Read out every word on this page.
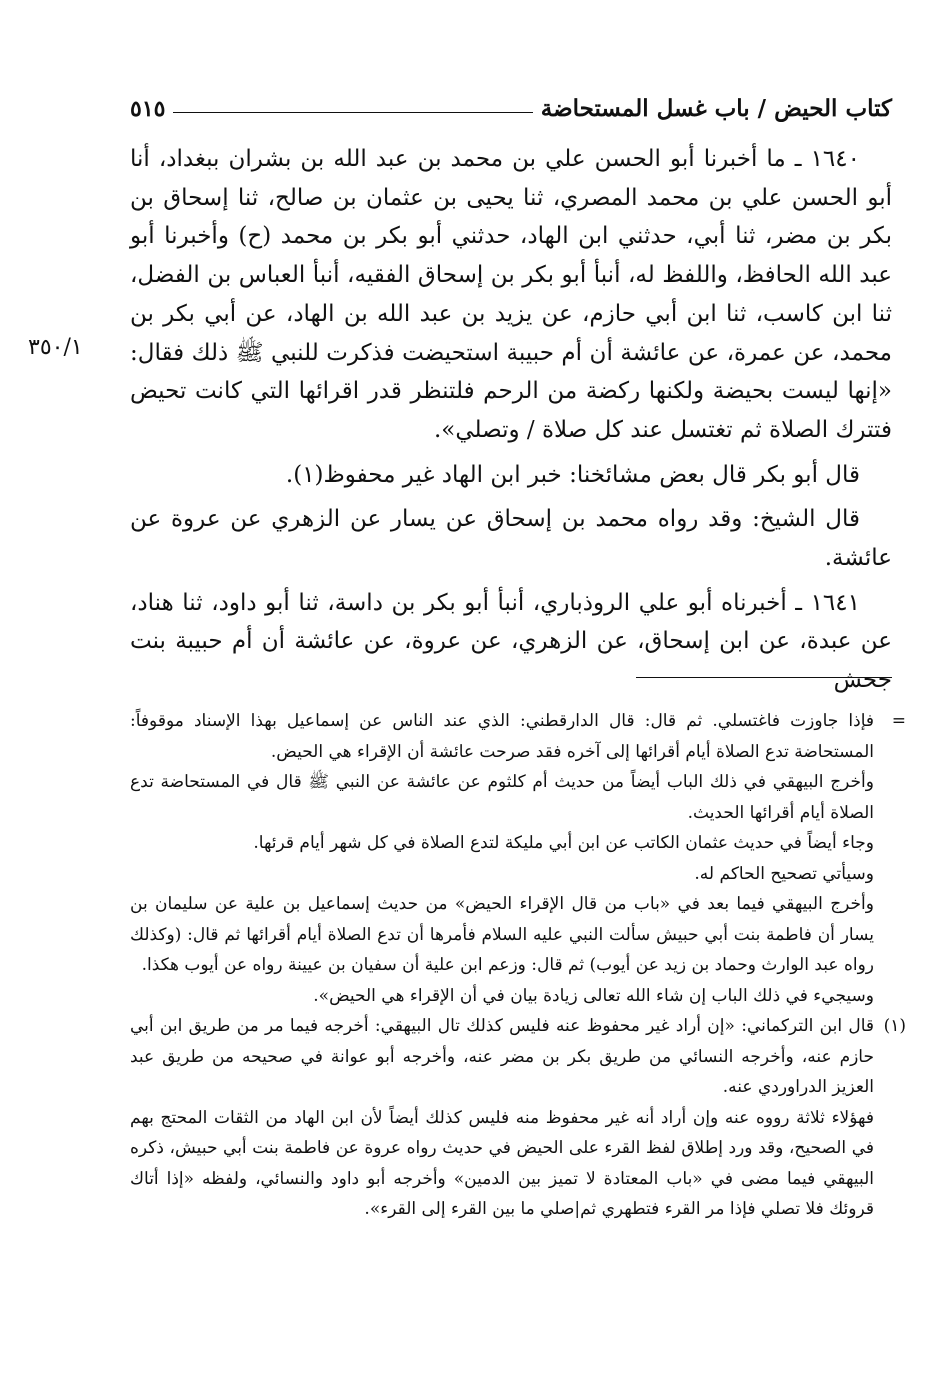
كتاب الحيض / باب غسل المستحاضة
٥١٥
٣٥٠/١

١٦٤٠ ـ ما أخبرنا أبو الحسن علي بن محمد بن عبد الله بن بشران ببغداد، أنا أبو الحسن علي بن محمد المصري، ثنا يحيى بن عثمان بن صالح، ثنا إسحاق بن بكر بن مضر، ثنا أبي، حدثني ابن الهاد، حدثني أبو بكر بن محمد (ح) وأخبرنا أبو عبد الله الحافظ، واللفظ له، أنبأ أبو بكر بن إسحاق الفقيه، أنبأ العباس بن الفضل، ثنا ابن كاسب، ثنا ابن أبي حازم، عن يزيد بن عبد الله بن الهاد، عن أبي بكر بن محمد، عن عمرة، عن عائشة أن أم حبيبة استحيضت فذكرت للنبي ﷺ ذلك فقال: «إنها ليست بحيضة ولكنها ركضة من الرحم فلتنظر قدر اقرائها التي كانت تحيض فتترك الصلاة ثم تغتسل عند كل صلاة / وتصلي».

قال أبو بكر قال بعض مشائخنا: خبر ابن الهاد غير محفوظ(١).

قال الشيخ: وقد رواه محمد بن إسحاق عن يسار عن الزهري عن عروة عن عائشة.

١٦٤١ ـ أخبرناه أبو علي الروذباري، أنبأ أبو بكر بن داسة، ثنا أبو داود، ثنا هناد، عن عبدة، عن ابن إسحاق، عن الزهري، عن عروة، عن عائشة أن أم حبيبة بنت جحش

=

فإذا جاوزت فاغتسلي. ثم قال: قال الدارقطني: الذي عند الناس عن إسماعيل بهذا الإسناد موقوفاً: المستحاضة تدع الصلاة أيام أقرائها إلى آخره فقد صرحت عائشة أن الإقراء هي الحيض.

وأخرج البيهقي في ذلك الباب أيضاً من حديث أم كلثوم عن عائشة عن النبي ﷺ قال في المستحاضة تدع الصلاة أيام أقرائها الحديث.

وجاء أيضاً في حديث عثمان الكاتب عن ابن أبي مليكة لتدع الصلاة في كل شهر أيام قرئها.

وسيأتي تصحيح الحاكم له.

وأخرج البيهقي فيما بعد في «باب من قال الإقراء الحيض» من حديث إسماعيل بن علية عن سليمان بن يسار أن فاطمة بنت أبي حبيش سألت النبي عليه السلام فأمرها أن تدع الصلاة أيام أقرائها ثم قال: (وكذلك رواه عبد الوارث وحماد بن زيد عن أيوب) ثم قال: وزعم ابن علية أن سفيان بن عيينة رواه عن أيوب هكذا.

وسيجيء في ذلك الباب إن شاء الله تعالى زيادة بيان في أن الإقراء هي الحيض».

(١)

قال ابن التركماني: «إن أراد غير محفوظ عنه فليس كذلك تال البيهقي: أخرجه فيما مر من طريق ابن أبي حازم عنه، وأخرجه النسائي من طريق بكر بن مضر عنه، وأخرجه أبو عوانة في صحيحه من طريق عبد العزيز الدراوردي عنه.

فهؤلاء ثلاثة رووه عنه وإن أراد أنه غير محفوظ منه فليس كذلك أيضاً لأن ابن الهاد من الثقات المحتج بهم في الصحيح، وقد ورد إطلاق لفظ القرء على الحيض في حديث رواه عروة عن فاطمة بنت أبي حبيش، ذكره البيهقي فيما مضى في «باب المعتادة لا تميز بين الدمين» وأخرجه أبو داود والنسائي، ولفظه «إذا أتاك قروئك فلا تصلي فإذا مر القرء فتطهري ثم|صلي ما بين القرء إلى القرء».
